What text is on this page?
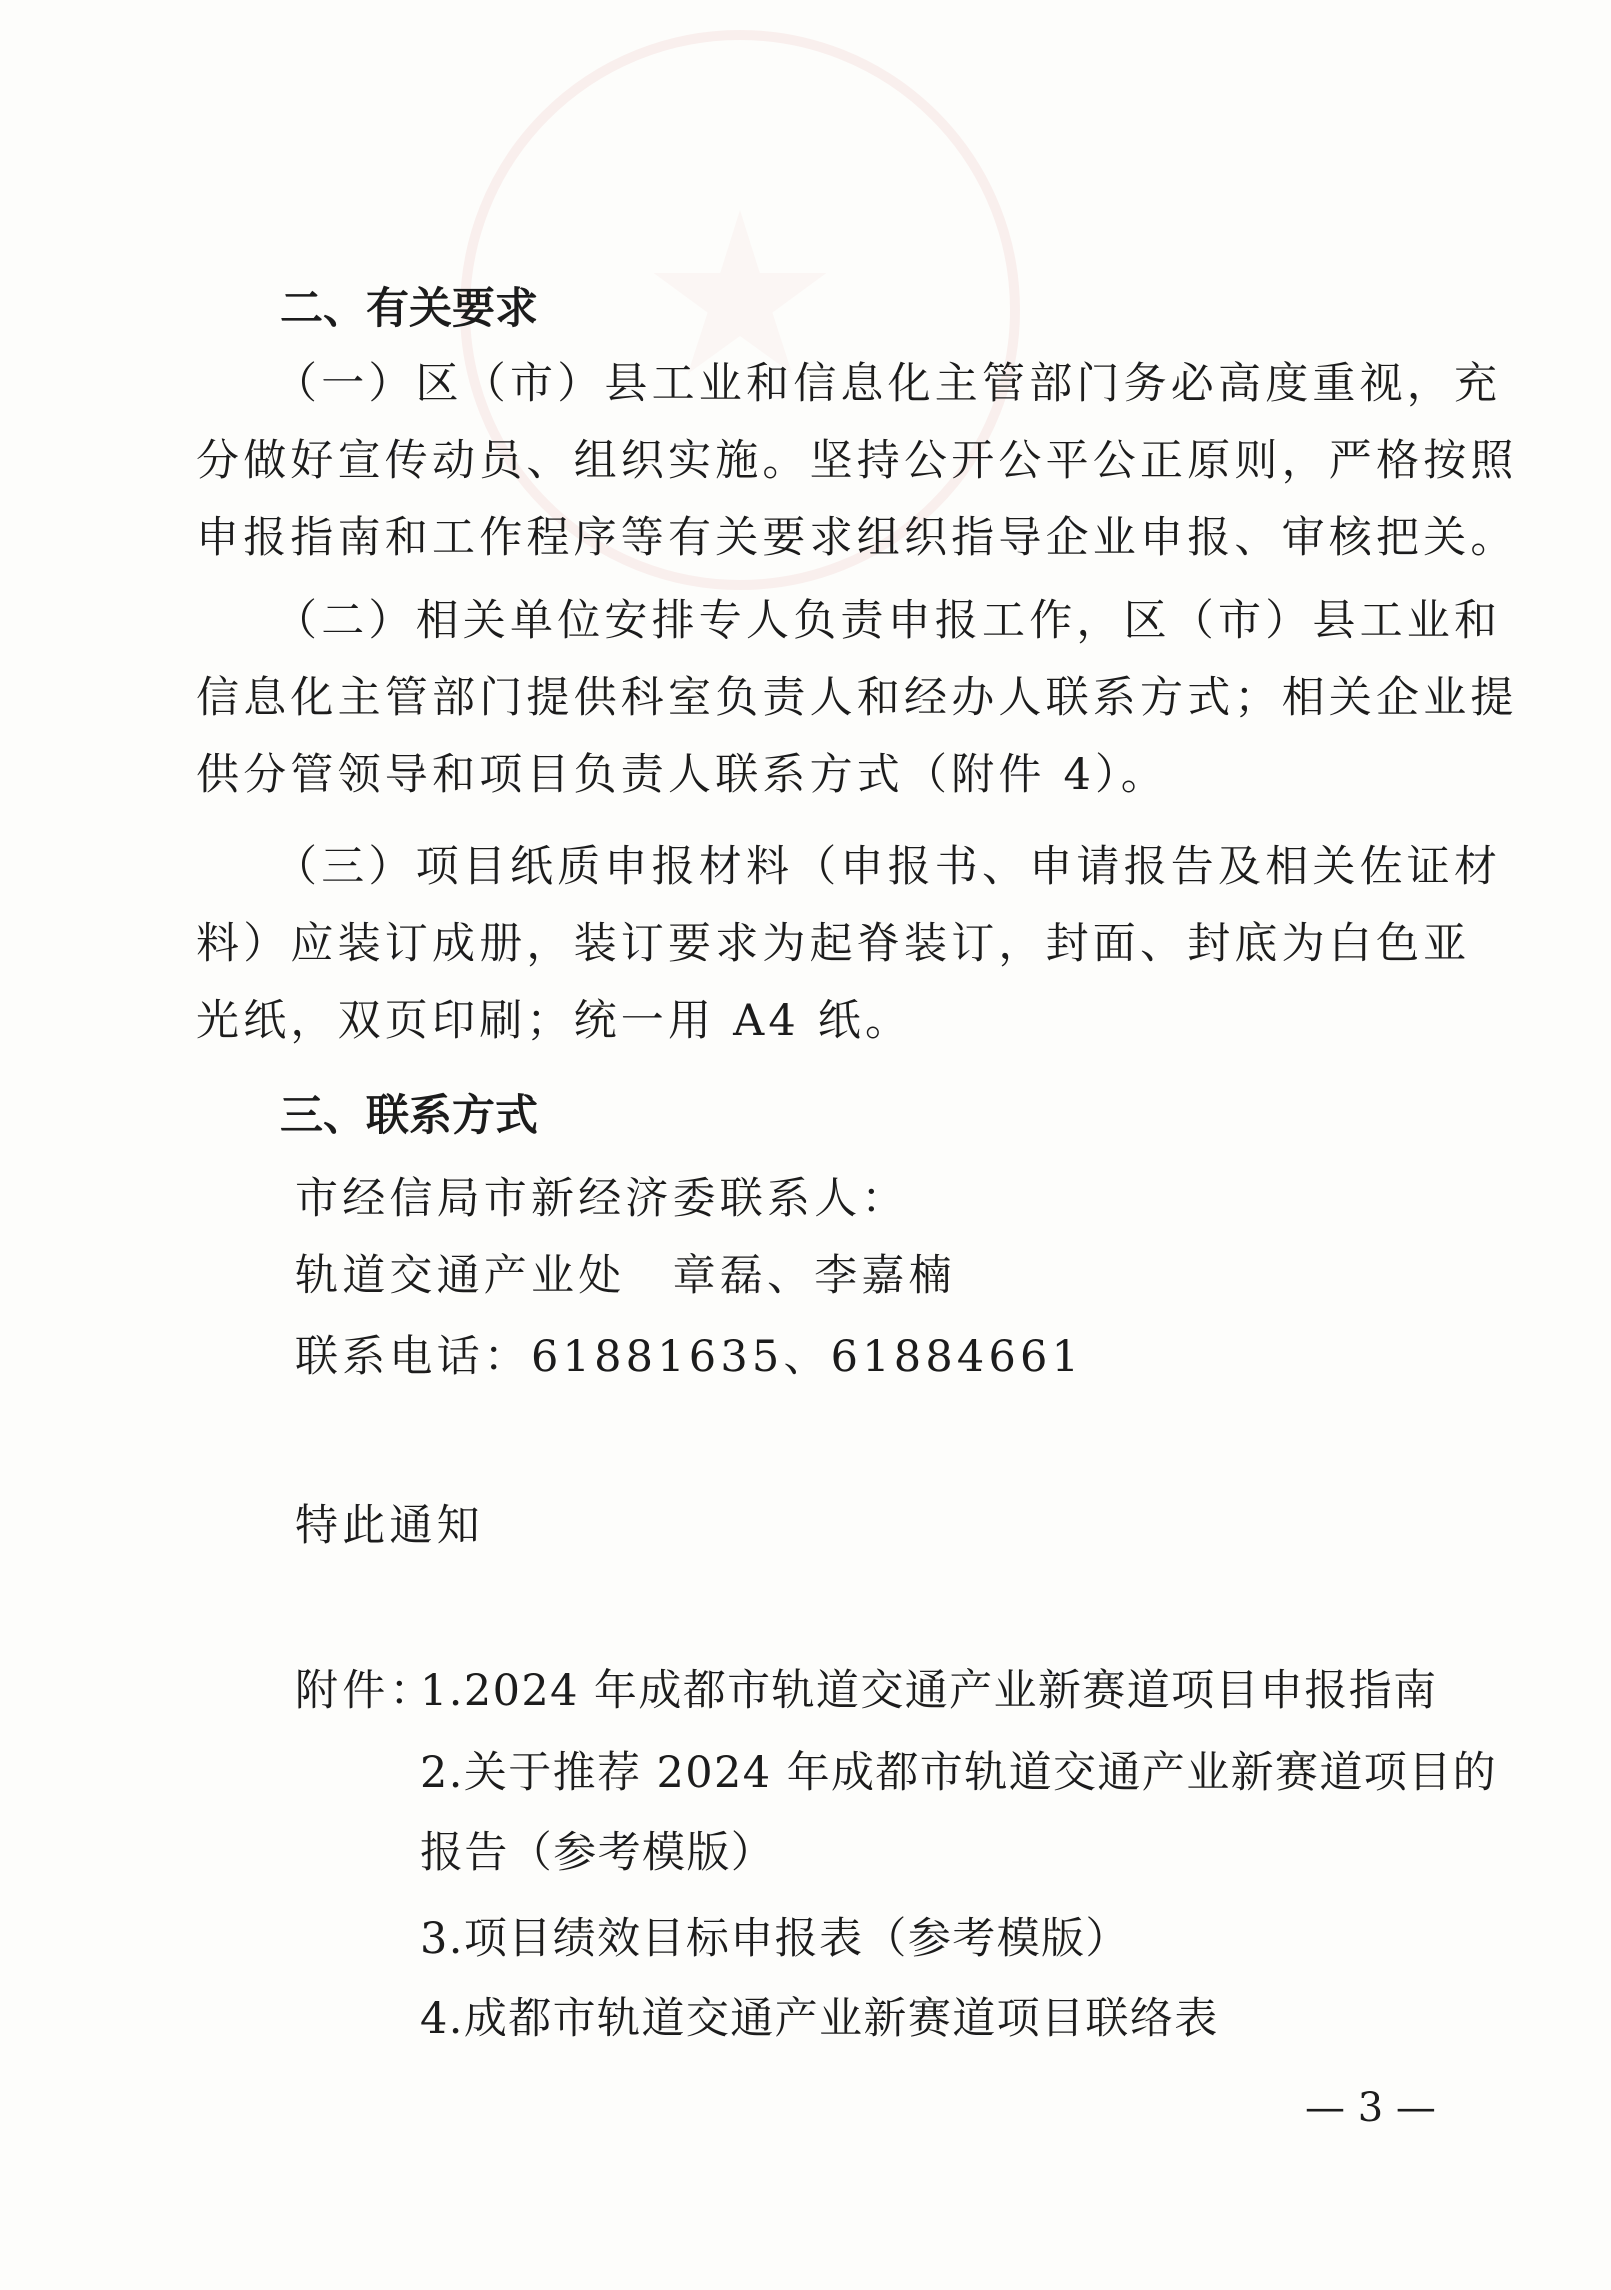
二、有关要求
（一）区（市）县工业和信息化主管部门务必高度重视，充
分做好宣传动员、组织实施。坚持公开公平公正原则，严格按照
申报指南和工作程序等有关要求组织指导企业申报、审核把关。
（二）相关单位安排专人负责申报工作，区（市）县工业和
信息化主管部门提供科室负责人和经办人联系方式；相关企业提
供分管领导和项目负责人联系方式（附件 4）。
（三）项目纸质申报材料（申报书、申请报告及相关佐证材
料）应装订成册，装订要求为起脊装订，封面、封底为白色亚
光纸，双页印刷；统一用 A4 纸。
三、联系方式
市经信局市新经济委联系人：
轨道交通产业处　章磊、李嘉楠
联系电话：61881635、61884661
特此通知
附件：
1.2024 年成都市轨道交通产业新赛道项目申报指南
2.关于推荐 2024 年成都市轨道交通产业新赛道项目的
报告（参考模版）
3.项目绩效目标申报表（参考模版）
4.成都市轨道交通产业新赛道项目联络表
— 3 —
